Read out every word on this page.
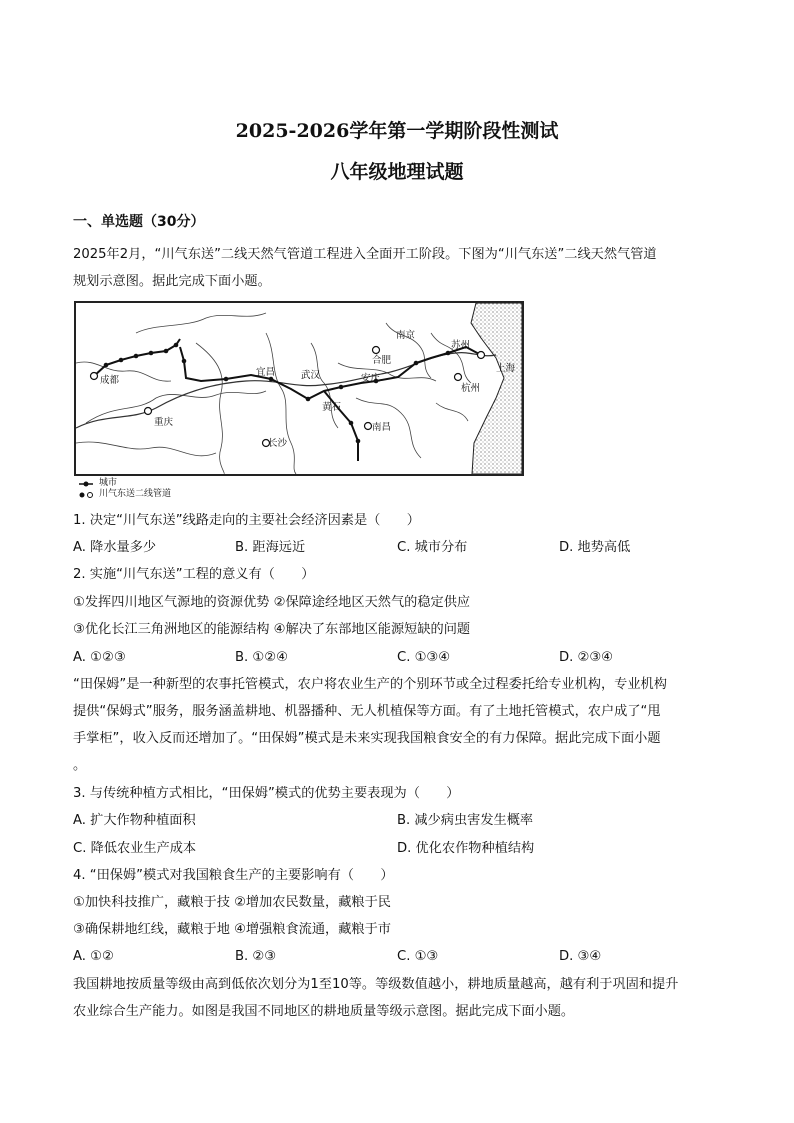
2025-2026学年第一学期阶段性测试
八年级地理试题
一、单选题（30分）
2025年2月，“川气东送”二线天然气管道工程进入全面开工阶段。下图为“川气东送”二线天然气管道
规划示意图。据此完成下面小题。
成都
重庆
宜昌	武汉
黄石
长沙
南昌
安庆
合肥
南京
苏州
上海
杭州
城市
川气东送二线管道
1. 决定“川气东送”线路走向的主要社会经济因素是（　　）
A. 降水量多少	B. 距海远近	C. 城市分布	D. 地势高低
2. 实施“川气东送”工程的意义有（　　）
①发挥四川地区气源地的资源优势 ②保障途经地区天然气的稳定供应
③优化长江三角洲地区的能源结构 ④解决了东部地区能源短缺的问题
A. ①②③	B. ①②④	C. ①③④	D. ②③④
“田保姆”是一种新型的农事托管模式，农户将农业生产的个别环节或全过程委托给专业机构，专业机构
提供“保姆式”服务，服务涵盖耕地、机器播种、无人机植保等方面。有了土地托管模式，农户成了“甩
手掌柜”，收入反而还增加了。“田保姆”模式是未来实现我国粮食安全的有力保障。据此完成下面小题
。
3. 与传统种植方式相比，“田保姆”模式的优势主要表现为（　　）
A. 扩大作物种植面积	B. 减少病虫害发生概率
C. 降低农业生产成本	D. 优化农作物种植结构
4. “田保姆”模式对我国粮食生产的主要影响有（　　）
①加快科技推广，藏粮于技 ②增加农民数量，藏粮于民
③确保耕地红线，藏粮于地 ④增强粮食流通，藏粮于市
A. ①②	B. ②③	C. ①③	D. ③④
我国耕地按质量等级由高到低依次划分为1至10等。等级数值越小，耕地质量越高，越有利于巩固和提升
农业综合生产能力。如图是我国不同地区的耕地质量等级示意图。据此完成下面小题。
